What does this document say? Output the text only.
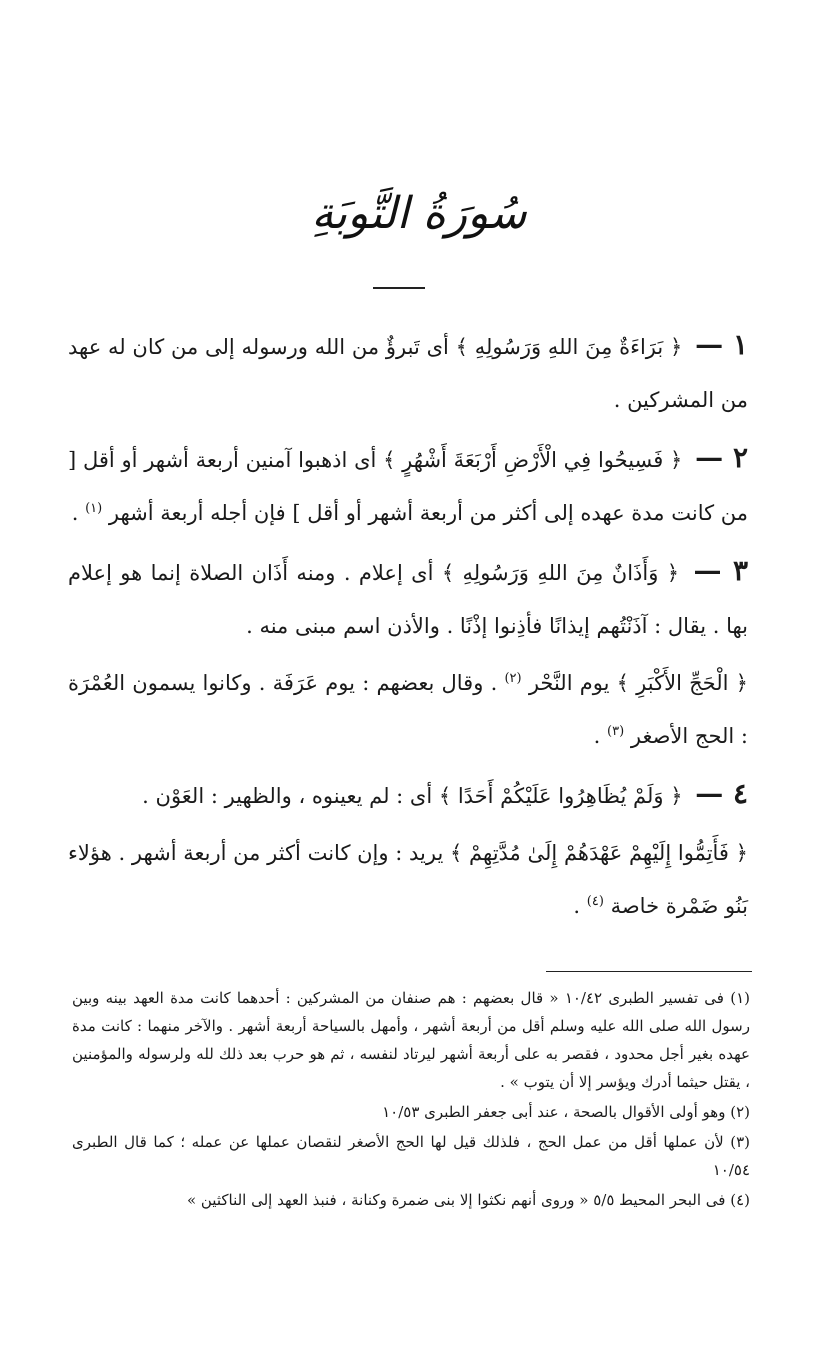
سُورَةُ التَّوبَةِ

١ — ﴿ بَرَاءَةٌ مِنَ اللهِ وَرَسُولِهِ ﴾ أى تَبرؤٌ من الله ورسوله إلى من كان له عهد من المشركين .

٢ — ﴿ فَسِيحُوا فِي الْأَرْضِ أَرْبَعَةَ أَشْهُرٍ ﴾ أى اذهبوا آمنين أربعة أشهر أو أقل [ من كانت مدة عهده إلى أكثر من أربعة أشهر أو أقل ] فإن أجله أربعة أشهر $^{(١)}$ .

٣ — ﴿ وَأَذَانٌ مِنَ اللهِ وَرَسُولِهِ ﴾ أى إعلام . ومنه أَذَان الصلاة إنما هو إعلام بها . يقال : آذَنْتُهم إيذانًا فأذِنوا إذْنًا . والأذن اسم مبنى منه .

﴿ الْحَجِّ الأَكْبَرِ ﴾ يوم النَّحْر $^{(٢)}$ . وقال بعضهم : يوم عَرَفَة . وكانوا يسمون العُمْرَة : الحج الأصغر $^{(٣)}$ .

٤ — ﴿ وَلَمْ يُظَاهِرُوا عَلَيْكُمْ أَحَدًا ﴾ أى : لم يعينوه ، والظهير : العَوْن .

﴿ فَأَتِمُّوا إِلَيْهِمْ عَهْدَهُمْ إِلَىٰ مُدَّتِهِمْ ﴾ يريد : وإن كانت أكثر من أربعة أشهر . هؤلاء بَنُو ضَمْرة خاصة $^{(٤)}$ .

(١) فى تفسير الطبرى ١٠/٤٢ « قال بعضهم : هم صنفان من المشركين : أحدهما كانت مدة العهد بينه وبين رسول الله صلى الله عليه وسلم أقل من أربعة أشهر ، وأمهل بالسياحة أربعة أشهر . والآخر منهما : كانت مدة عهده بغير أجل محدود ، فقصر به على أربعة أشهر ليرتاد لنفسه ، ثم هو حرب بعد ذلك لله ولرسوله والمؤمنين ، يقتل حيثما أدرك ويؤسر إلا أن يتوب » .

(٢) وهو أولى الأقوال بالصحة ، عند أبى جعفر الطبرى ١٠/٥٣

(٣) لأن عملها أقل من عمل الحج ، فلذلك قيل لها الحج الأصغر لنقصان عملها عن عمله ؛ كما قال الطبرى ١٠/٥٤

(٤) فى البحر المحيط ٥/٥ « وروى أنهم نكثوا إلا بنى ضمرة وكنانة ، فنبذ العهد إلى الناكثين »
